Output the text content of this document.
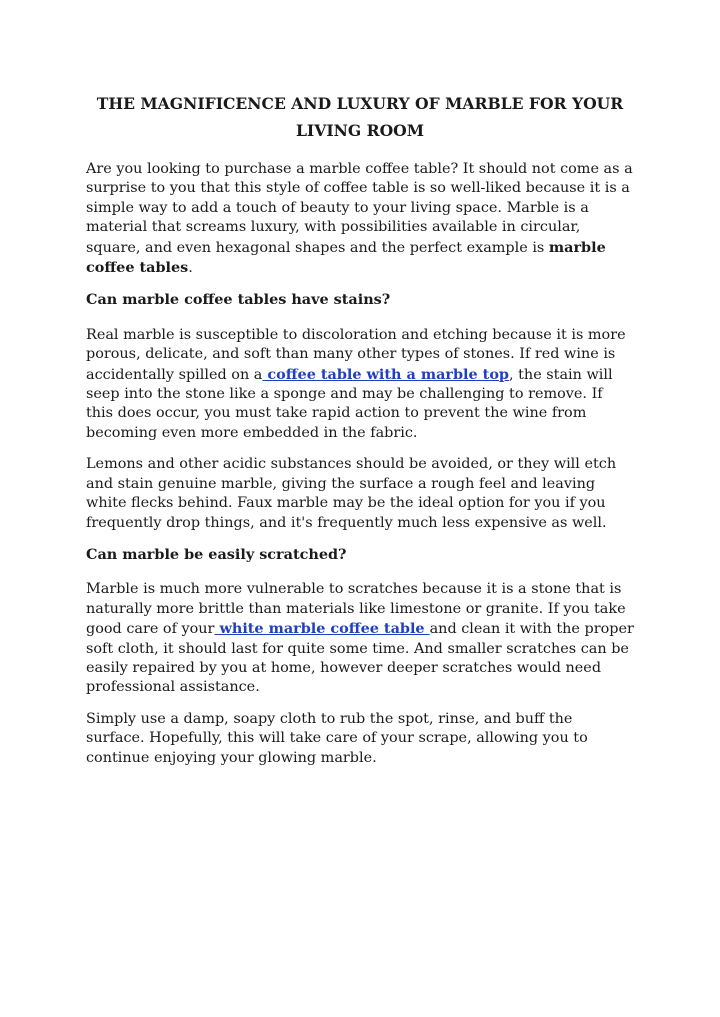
THE MAGNIFICENCE AND LUXURY OF MARBLE FOR YOUR LIVING ROOM

Are you looking to purchase a marble coffee table? It should not come as a surprise to you that this style of coffee table is so well-liked because it is a simple way to add a touch of beauty to your living space. Marble is a material that screams luxury, with possibilities available in circular, square, and even hexagonal shapes and the perfect example is marble coffee tables.

Can marble coffee tables have stains?

Real marble is susceptible to discoloration and etching because it is more porous, delicate, and soft than many other types of stones. If red wine is accidentally spilled on a coffee table with a marble top, the stain will seep into the stone like a sponge and may be challenging to remove. If this does occur, you must take rapid action to prevent the wine from becoming even more embedded in the fabric.

Lemons and other acidic substances should be avoided, or they will etch and stain genuine marble, giving the surface a rough feel and leaving white flecks behind. Faux marble may be the ideal option for you if you frequently drop things, and it's frequently much less expensive as well.

Can marble be easily scratched?

Marble is much more vulnerable to scratches because it is a stone that is naturally more brittle than materials like limestone or granite. If you take good care of your white marble coffee table and clean it with the proper soft cloth, it should last for quite some time. And smaller scratches can be easily repaired by you at home, however deeper scratches would need professional assistance.

Simply use a damp, soapy cloth to rub the spot, rinse, and buff the surface. Hopefully, this will take care of your scrape, allowing you to continue enjoying your glowing marble.
